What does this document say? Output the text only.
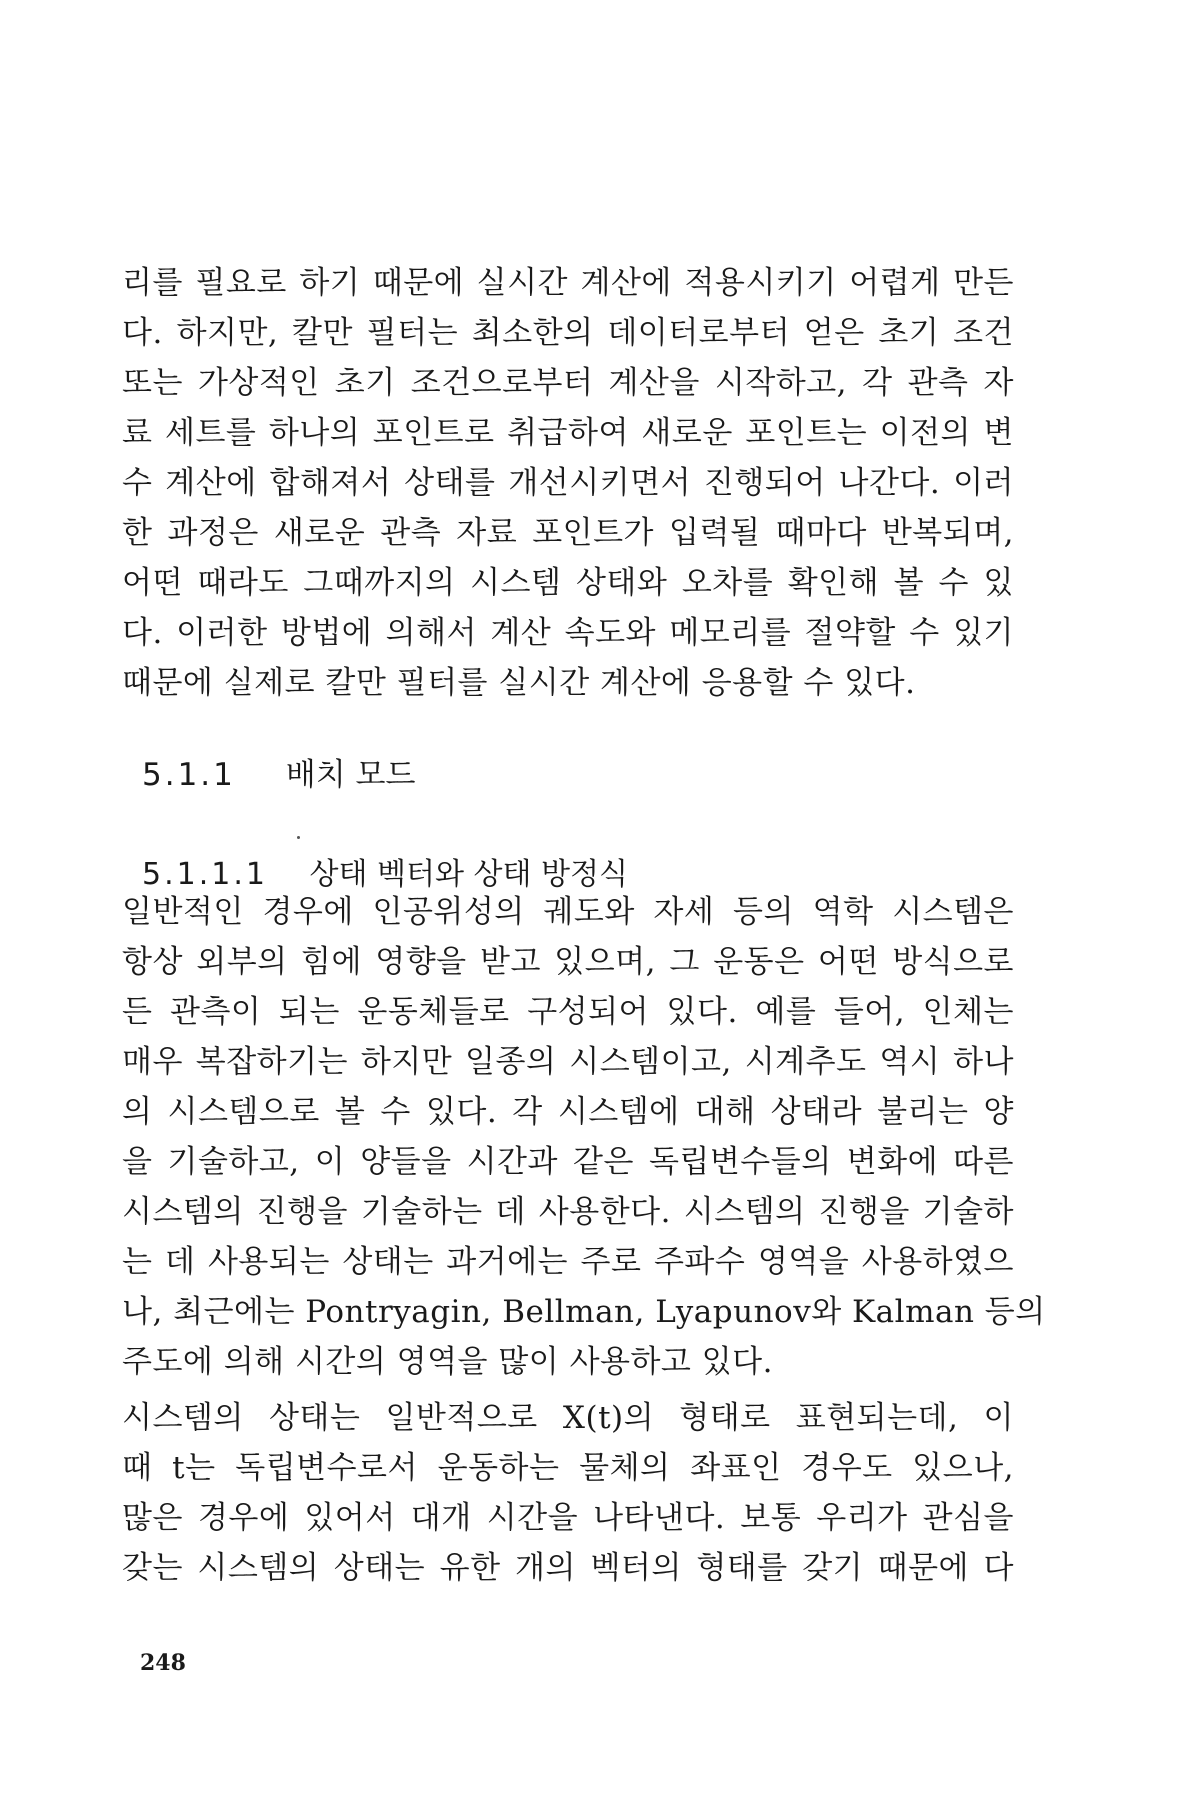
리를 필요로 하기 때문에 실시간 계산에 적용시키기 어렵게 만든
다. 하지만, 칼만 필터는 최소한의 데이터로부터 얻은 초기 조건
또는 가상적인 초기 조건으로부터 계산을 시작하고, 각 관측 자
료 세트를 하나의 포인트로 취급하여 새로운 포인트는 이전의 변
수 계산에 합해져서 상태를 개선시키면서 진행되어 나간다. 이러
한 과정은 새로운 관측 자료 포인트가 입력될 때마다 반복되며,
어떤 때라도 그때까지의 시스템 상태와 오차를 확인해 볼 수 있
다. 이러한 방법에 의해서 계산 속도와 메모리를 절약할 수 있기
때문에 실제로 칼만 필터를 실시간 계산에 응용할 수 있다.
5.1.1 배치 모드
5.1.1.1 상태 벡터와 상태 방정식
일반적인 경우에 인공위성의 궤도와 자세 등의 역학 시스템은
항상 외부의 힘에 영향을 받고 있으며, 그 운동은 어떤 방식으로
든 관측이 되는 운동체들로 구성되어 있다. 예를 들어, 인체는
매우 복잡하기는 하지만 일종의 시스템이고, 시계추도 역시 하나
의 시스템으로 볼 수 있다. 각 시스템에 대해 상태라 불리는 양
을 기술하고, 이 양들을 시간과 같은 독립변수들의 변화에 따른
시스템의 진행을 기술하는 데 사용한다. 시스템의 진행을 기술하
는 데 사용되는 상태는 과거에는 주로 주파수 영역을 사용하였으
나, 최근에는 Pontryagin, Bellman, Lyapunov와 Kalman 등의
주도에 의해 시간의 영역을 많이 사용하고 있다.
시스템의 상태는 일반적으로 X(t)의 형태로 표현되는데, 이
때 t는 독립변수로서 운동하는 물체의 좌표인 경우도 있으나,
많은 경우에 있어서 대개 시간을 나타낸다. 보통 우리가 관심을
갖는 시스템의 상태는 유한 개의 벡터의 형태를 갖기 때문에 다
248
